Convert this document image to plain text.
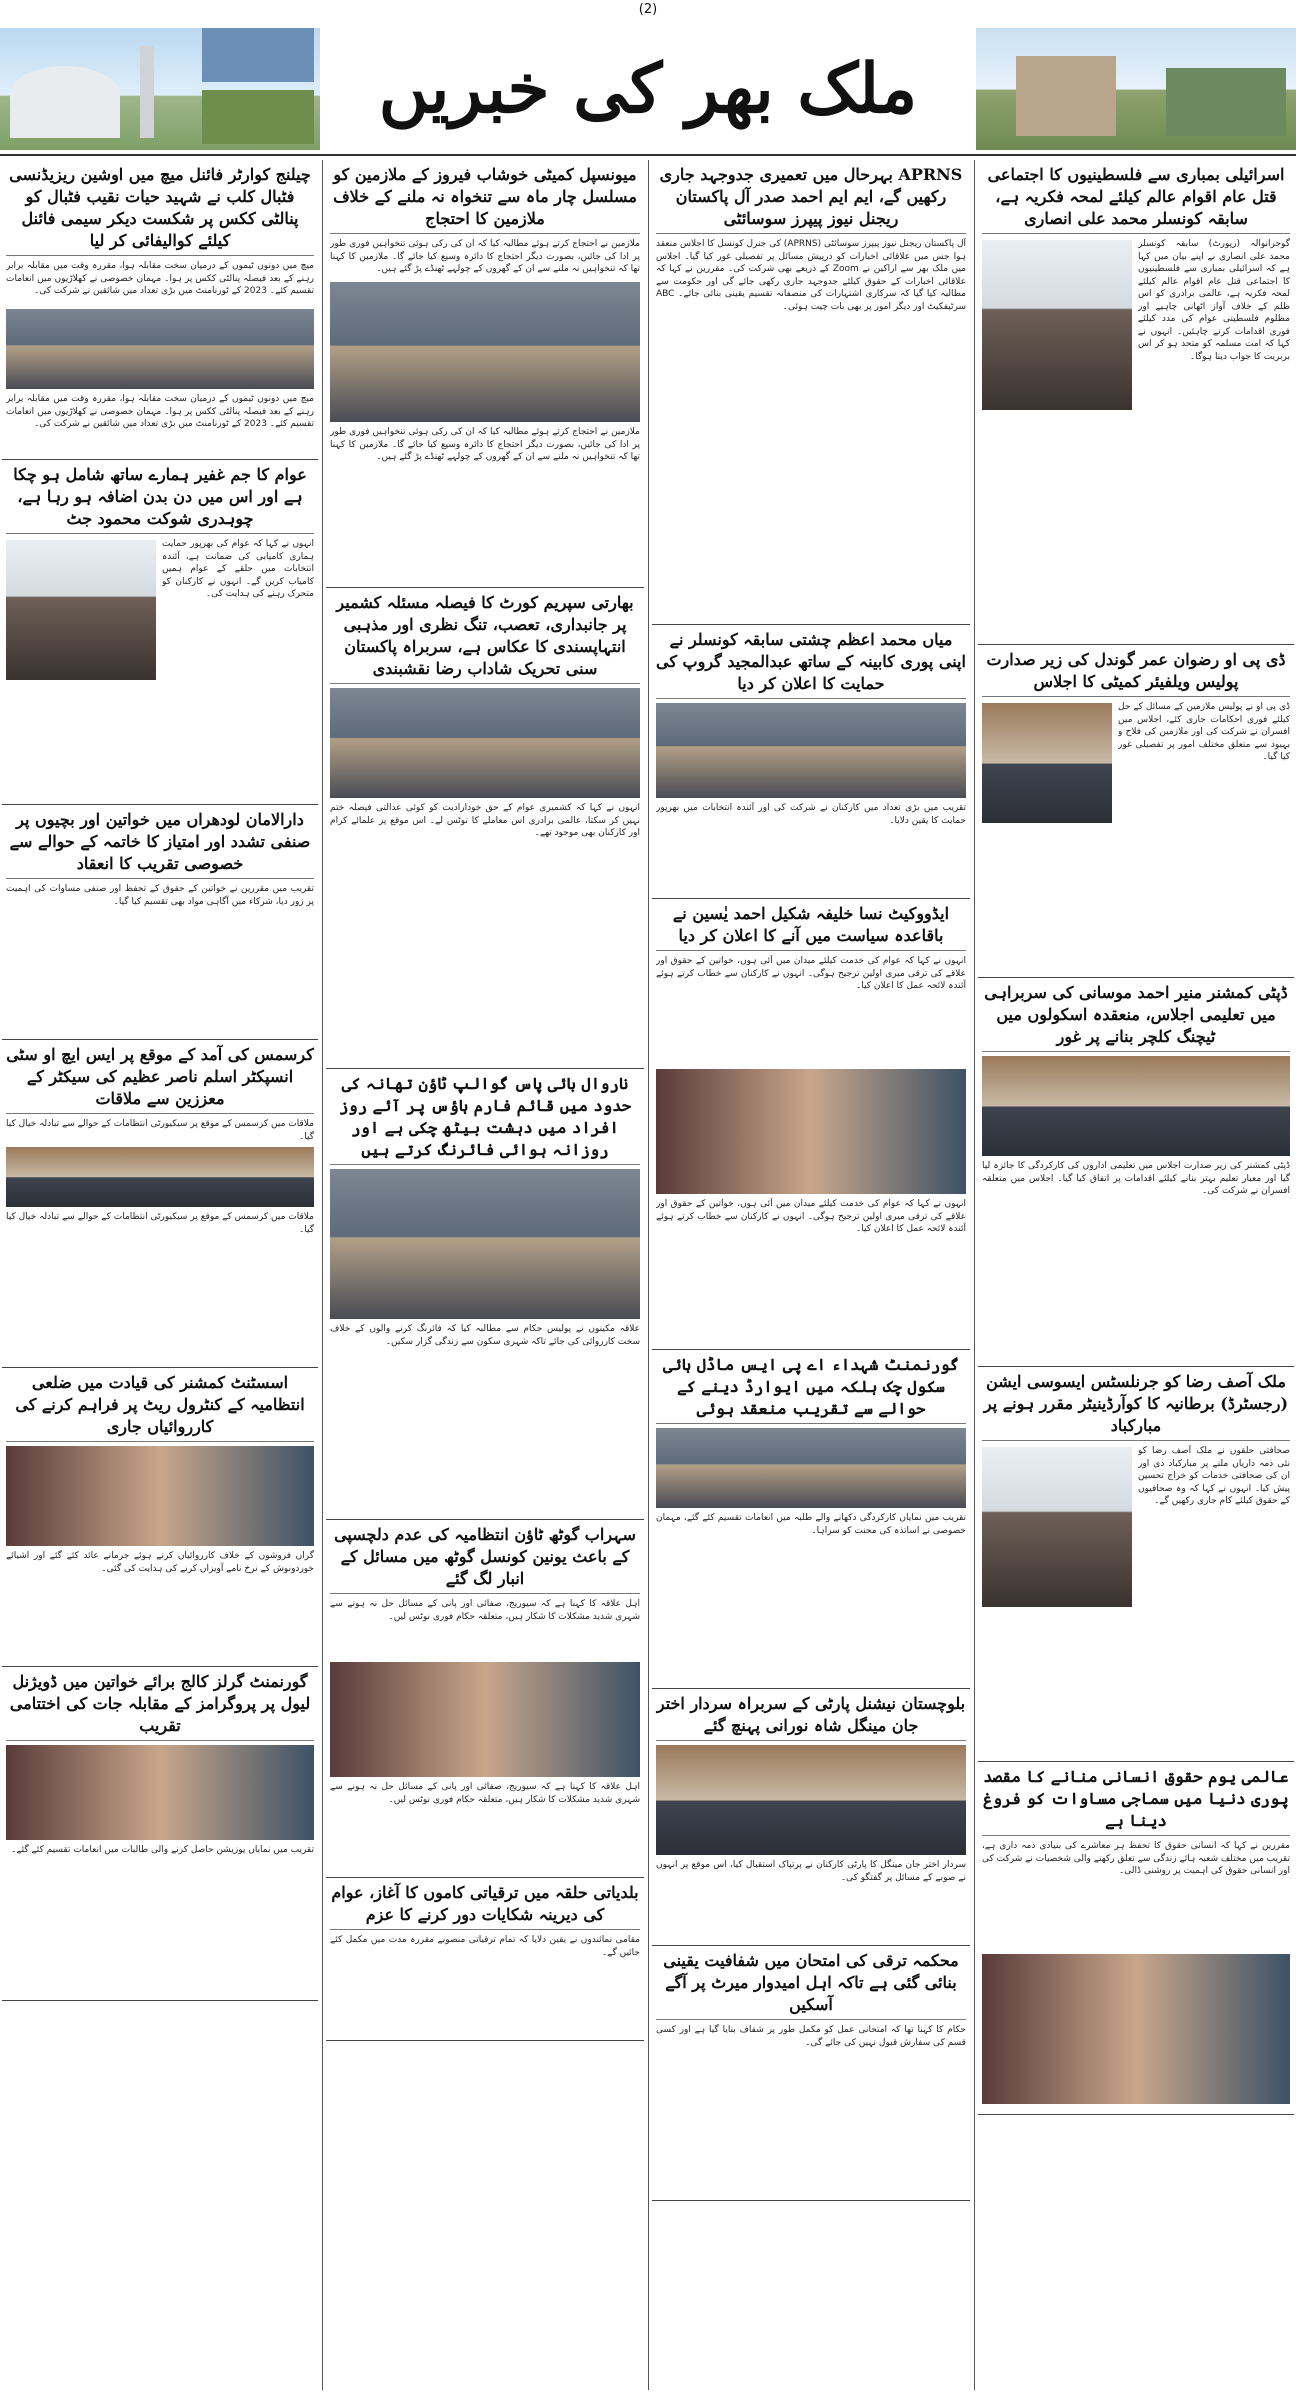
(2)
ملک بھر کی خبریں
اسرائیلی بمباری سے فلسطینیوں کا اجتماعی قتل عام اقوام عالم کیلئے لمحہ فکریہ ہے، سابقہ کونسلر محمد علی انصاری
گوجرانوالہ (رپورٹ) سابقہ کونسلر محمد علی انصاری نے اپنے بیان میں کہا ہے کہ اسرائیلی بمباری سے فلسطینیوں کا اجتماعی قتل عام اقوام عالم کیلئے لمحہ فکریہ ہے، عالمی برادری کو اس ظلم کے خلاف آواز اٹھانی چاہیے اور مظلوم فلسطینی عوام کی مدد کیلئے فوری اقدامات کرنے چاہئیں۔ انہوں نے کہا کہ امت مسلمہ کو متحد ہو کر اس بربریت کا جواب دینا ہوگا۔
ڈی پی او رضوان عمر گوندل کی زیر صدارت پولیس ویلفیئر کمیٹی کا اجلاس
ڈی پی او نے پولیس ملازمین کے مسائل کے حل کیلئے فوری احکامات جاری کئے، اجلاس میں افسران نے شرکت کی اور ملازمین کی فلاح و بہبود سے متعلق مختلف امور پر تفصیلی غور کیا گیا۔
ڈپٹی کمشنر منیر احمد موسانی کی سربراہی میں تعلیمی اجلاس، منعقدہ اسکولوں میں ٹیچنگ کلچر بنانے پر غور
ڈپٹی کمشنر کی زیر صدارت اجلاس میں تعلیمی اداروں کی کارکردگی کا جائزہ لیا گیا اور معیار تعلیم بہتر بنانے کیلئے اقدامات پر اتفاق کیا گیا۔ اجلاس میں متعلقہ افسران نے شرکت کی۔
ملک آصف رضا کو جرنلسٹس ایسوسی ایشن (رجسٹرڈ) برطانیہ کا کوآرڈینیٹر مقرر ہونے پر مبارکباد
صحافتی حلقوں نے ملک آصف رضا کو نئی ذمہ داریاں ملنے پر مبارکباد دی اور ان کی صحافتی خدمات کو خراج تحسین پیش کیا۔ انہوں نے کہا کہ وہ صحافیوں کے حقوق کیلئے کام جاری رکھیں گے۔
عالمی یوم حقوق انسانی منانے کا مقصد پوری دنیا میں سماجی مساوات کو فروغ دینا ہے
مقررین نے کہا کہ انسانی حقوق کا تحفظ ہر معاشرے کی بنیادی ذمہ داری ہے، تقریب میں مختلف شعبہ ہائے زندگی سے تعلق رکھنے والی شخصیات نے شرکت کی اور انسانی حقوق کی اہمیت پر روشنی ڈالی۔
APRNS بہرحال میں تعمیری جدوجہد جاری رکھیں گے، ایم ایم احمد صدر آل پاکستان ریجنل نیوز پیپرز سوسائٹی
آل پاکستان ریجنل نیوز پیپرز سوسائٹی (APRNS) کی جنرل کونسل کا اجلاس منعقد ہوا جس میں علاقائی اخبارات کو درپیش مسائل پر تفصیلی غور کیا گیا۔ اجلاس میں ملک بھر سے اراکین نے Zoom کے ذریعے بھی شرکت کی۔ مقررین نے کہا کہ علاقائی اخبارات کے حقوق کیلئے جدوجہد جاری رکھی جائے گی اور حکومت سے مطالبہ کیا گیا کہ سرکاری اشتہارات کی منصفانہ تقسیم یقینی بنائی جائے۔ ABC سرٹیفکیٹ اور دیگر امور پر بھی بات چیت ہوئی۔
میاں محمد اعظم چشتی سابقہ کونسلر نے اپنی پوری کابینہ کے ساتھ عبدالمجید گروپ کی حمایت کا اعلان کر دیا
تقریب میں بڑی تعداد میں کارکنان نے شرکت کی اور آئندہ انتخابات میں بھرپور حمایت کا یقین دلایا۔
ایڈووکیٹ نسا خلیفہ شکیل احمد یٰسین نے باقاعدہ سیاست میں آنے کا اعلان کر دیا
انہوں نے کہا کہ عوام کی خدمت کیلئے میدان میں آئی ہوں، خواتین کے حقوق اور علاقے کی ترقی میری اولین ترجیح ہوگی۔ انہوں نے کارکنان سے خطاب کرتے ہوئے آئندہ لائحہ عمل کا اعلان کیا۔
انہوں نے کہا کہ عوام کی خدمت کیلئے میدان میں آئی ہوں، خواتین کے حقوق اور علاقے کی ترقی میری اولین ترجیح ہوگی۔ انہوں نے کارکنان سے خطاب کرتے ہوئے آئندہ لائحہ عمل کا اعلان کیا۔
گورنمنٹ شہداء اے پی ایس ماڈل ہائی سکول چک ہلکہ میں ایوارڈ دینے کے حوالے سے تقریب منعقد ہوئی
تقریب میں نمایاں کارکردگی دکھانے والے طلبہ میں انعامات تقسیم کئے گئے، مہمان خصوصی نے اساتذہ کی محنت کو سراہا۔
بلوچستان نیشنل پارٹی کے سربراہ سردار اختر جان مینگل شاہ نورانی پہنچ گئے
سردار اختر جان مینگل کا پارٹی کارکنان نے پرتپاک استقبال کیا، اس موقع پر انہوں نے صوبے کے مسائل پر گفتگو کی۔
محکمہ ترقی کی امتحان میں شفافیت یقینی بنائی گئی ہے تاکہ اہل امیدوار میرٹ پر آگے آسکیں
حکام کا کہنا تھا کہ امتحانی عمل کو مکمل طور پر شفاف بنایا گیا ہے اور کسی قسم کی سفارش قبول نہیں کی جائے گی۔
میونسپل کمیٹی خوشاب فیروز کے ملازمین کو مسلسل چار ماہ سے تنخواہ نہ ملنے کے خلاف ملازمین کا احتجاج
ملازمین نے احتجاج کرتے ہوئے مطالبہ کیا کہ ان کی رکی ہوئی تنخواہیں فوری طور پر ادا کی جائیں، بصورت دیگر احتجاج کا دائرہ وسیع کیا جائے گا۔ ملازمین کا کہنا تھا کہ تنخواہیں نہ ملنے سے ان کے گھروں کے چولہے ٹھنڈے پڑ گئے ہیں۔
ملازمین نے احتجاج کرتے ہوئے مطالبہ کیا کہ ان کی رکی ہوئی تنخواہیں فوری طور پر ادا کی جائیں، بصورت دیگر احتجاج کا دائرہ وسیع کیا جائے گا۔ ملازمین کا کہنا تھا کہ تنخواہیں نہ ملنے سے ان کے گھروں کے چولہے ٹھنڈے پڑ گئے ہیں۔
بھارتی سپریم کورٹ کا فیصلہ مسئلہ کشمیر پر جانبداری، تعصب، تنگ نظری اور مذہبی انتہاپسندی کا عکاس ہے، سربراہ پاکستان سنی تحریک شاداب رضا نقشبندی
انہوں نے کہا کہ کشمیری عوام کے حق خودارادیت کو کوئی عدالتی فیصلہ ختم نہیں کر سکتا، عالمی برادری اس معاملے کا نوٹس لے۔ اس موقع پر علمائے کرام اور کارکنان بھی موجود تھے۔
ناروال بائی پاس گوالپ ٹاؤن تھانہ کی حدود میں قائم فارم ہاؤس پر آئے روز افراد میں دہشت بیٹھ چکی ہے اور روزانہ ہوائی فائرنگ کرتے ہیں
علاقہ مکینوں نے پولیس حکام سے مطالبہ کیا کہ فائرنگ کرنے والوں کے خلاف سخت کارروائی کی جائے تاکہ شہری سکون سے زندگی گزار سکیں۔
سہراب گوٹھ ٹاؤن انتظامیہ کی عدم دلچسپی کے باعث یونین کونسل گوٹھ میں مسائل کے انبار لگ گئے
اہل علاقہ کا کہنا ہے کہ سیوریج، صفائی اور پانی کے مسائل حل نہ ہونے سے شہری شدید مشکلات کا شکار ہیں، متعلقہ حکام فوری نوٹس لیں۔
اہل علاقہ کا کہنا ہے کہ سیوریج، صفائی اور پانی کے مسائل حل نہ ہونے سے شہری شدید مشکلات کا شکار ہیں، متعلقہ حکام فوری نوٹس لیں۔
بلدیاتی حلقہ میں ترقیاتی کاموں کا آغاز، عوام کی دیرینہ شکایات دور کرنے کا عزم
مقامی نمائندوں نے یقین دلایا کہ تمام ترقیاتی منصوبے مقررہ مدت میں مکمل کئے جائیں گے۔
چیلنج کوارٹر فائنل میچ میں اوشین ریزیڈنسی فٹبال کلب نے شہید حیات نقیب فٹبال کو پنالٹی ککس پر شکست دیکر سیمی فائنل کیلئے کوالیفائی کر لیا
میچ میں دونوں ٹیموں کے درمیان سخت مقابلہ ہوا، مقررہ وقت میں مقابلہ برابر رہنے کے بعد فیصلہ پنالٹی ککس پر ہوا۔ مہمان خصوصی نے کھلاڑیوں میں انعامات تقسیم کئے۔ 2023 کے ٹورنامنٹ میں بڑی تعداد میں شائقین نے شرکت کی۔
میچ میں دونوں ٹیموں کے درمیان سخت مقابلہ ہوا، مقررہ وقت میں مقابلہ برابر رہنے کے بعد فیصلہ پنالٹی ککس پر ہوا۔ مہمان خصوصی نے کھلاڑیوں میں انعامات تقسیم کئے۔ 2023 کے ٹورنامنٹ میں بڑی تعداد میں شائقین نے شرکت کی۔
عوام کا جم غفیر ہمارے ساتھ شامل ہو چکا ہے اور اس میں دن بدن اضافہ ہو رہا ہے، چوہدری شوکت محمود جٹ
انہوں نے کہا کہ عوام کی بھرپور حمایت ہماری کامیابی کی ضمانت ہے، آئندہ انتخابات میں حلقے کے عوام ہمیں کامیاب کریں گے۔ انہوں نے کارکنان کو متحرک رہنے کی ہدایت کی۔
دارالامان لودھراں میں خواتین اور بچیوں پر صنفی تشدد اور امتیاز کا خاتمہ کے حوالے سے خصوصی تقریب کا انعقاد
تقریب میں مقررین نے خواتین کے حقوق کے تحفظ اور صنفی مساوات کی اہمیت پر زور دیا، شرکاء میں آگاہی مواد بھی تقسیم کیا گیا۔
کرسمس کی آمد کے موقع پر ایس ایچ او سٹی انسپکٹر اسلم ناصر عظیم کی سیکٹر کے معززین سے ملاقات
ملاقات میں کرسمس کے موقع پر سیکیورٹی انتظامات کے حوالے سے تبادلہ خیال کیا گیا۔
ملاقات میں کرسمس کے موقع پر سیکیورٹی انتظامات کے حوالے سے تبادلہ خیال کیا گیا۔
اسسٹنٹ کمشنر کی قیادت میں ضلعی انتظامیہ کے کنٹرول ریٹ پر فراہم کرنے کی کارروائیاں جاری
گراں فروشوں کے خلاف کارروائیاں کرتے ہوئے جرمانے عائد کئے گئے اور اشیائے خوردونوش کے نرخ نامے آویزاں کرنے کی ہدایت کی گئی۔
گورنمنٹ گرلز کالج برائے خواتین میں ڈویژنل لیول پر پروگرامز کے مقابلہ جات کی اختتامی تقریب
تقریب میں نمایاں پوزیشن حاصل کرنے والی طالبات میں انعامات تقسیم کئے گئے۔
